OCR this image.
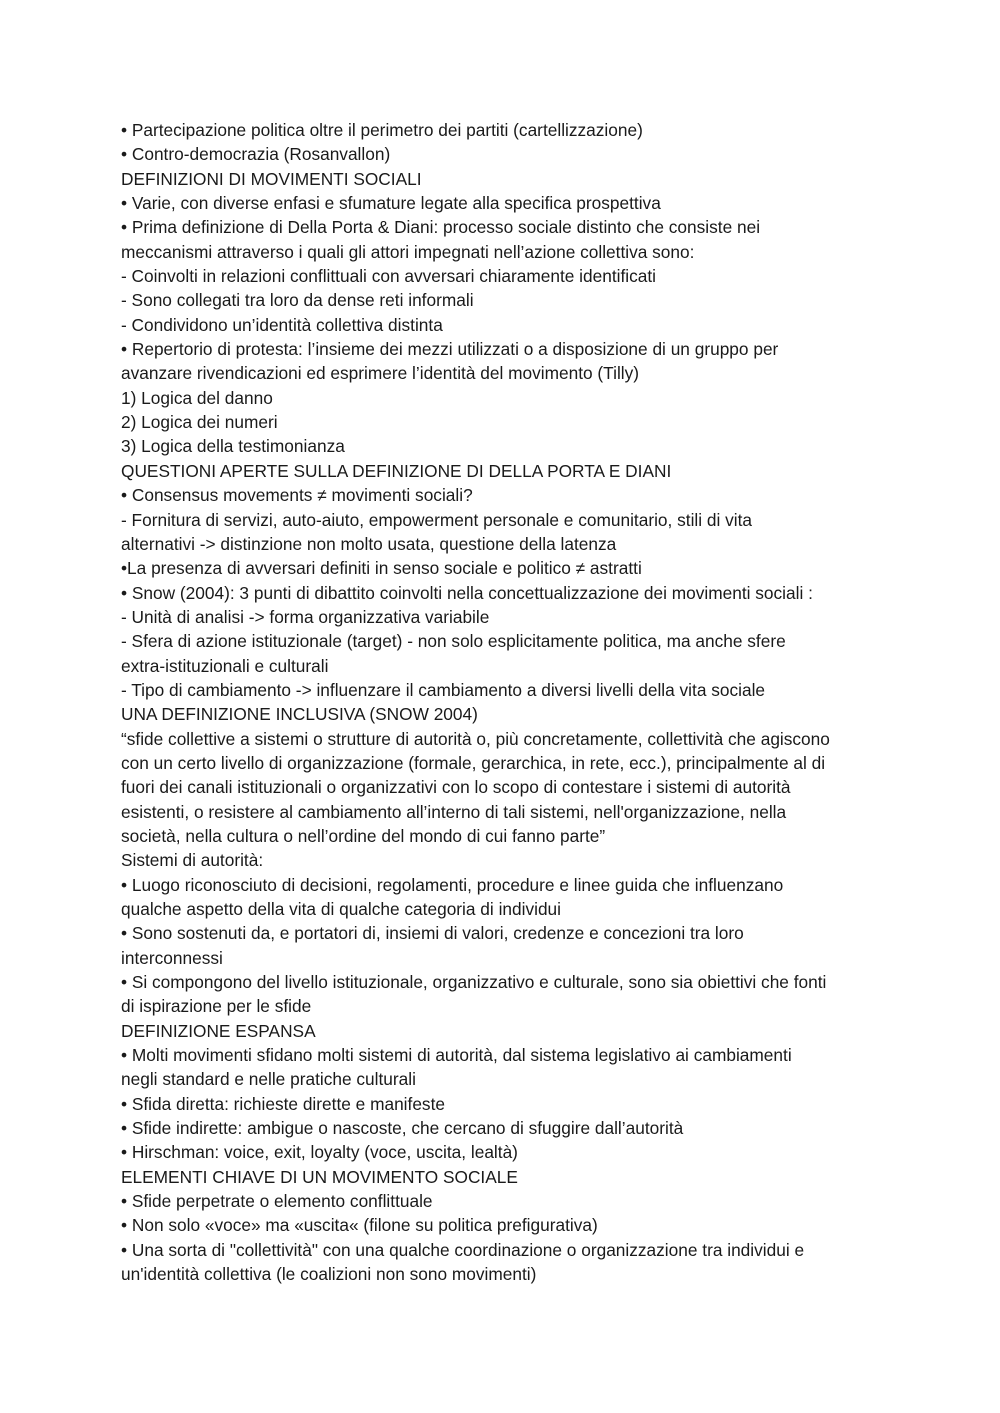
• Partecipazione politica oltre il perimetro dei partiti (cartellizzazione)
• Contro-democrazia (Rosanvallon)
DEFINIZIONI DI MOVIMENTI SOCIALI
• Varie, con diverse enfasi e sfumature legate alla specifica prospettiva
• Prima definizione di Della Porta & Diani: processo sociale distinto che consiste nei
meccanismi attraverso i quali gli attori impegnati nell’azione collettiva sono:
- Coinvolti in relazioni conflittuali con avversari chiaramente identificati
- Sono collegati tra loro da dense reti informali
- Condividono un’identità collettiva distinta
• Repertorio di protesta: l’insieme dei mezzi utilizzati o a disposizione di un gruppo per
avanzare rivendicazioni ed esprimere l’identità del movimento (Tilly)
1) Logica del danno
2) Logica dei numeri
3) Logica della testimonianza
QUESTIONI APERTE SULLA DEFINIZIONE DI DELLA PORTA E DIANI
• Consensus movements ≠ movimenti sociali?
- Fornitura di servizi, auto-aiuto, empowerment personale e comunitario, stili di vita
alternativi -> distinzione non molto usata, questione della latenza
•La presenza di avversari definiti in senso sociale e politico ≠ astratti
• Snow (2004): 3 punti di dibattito coinvolti nella concettualizzazione dei movimenti sociali :
- Unità di analisi -> forma organizzativa variabile
- Sfera di azione istituzionale (target) - non solo esplicitamente politica, ma anche sfere
extra-istituzionali e culturali
- Tipo di cambiamento -> influenzare il cambiamento a diversi livelli della vita sociale
UNA DEFINIZIONE INCLUSIVA (SNOW 2004)
“sfide collettive a sistemi o strutture di autorità o, più concretamente, collettività che agiscono
con un certo livello di organizzazione (formale, gerarchica, in rete, ecc.), principalmente al di
fuori dei canali istituzionali o organizzativi con lo scopo di contestare i sistemi di autorità
esistenti, o resistere al cambiamento all’interno di tali sistemi, nell'organizzazione, nella
società, nella cultura o nell’ordine del mondo di cui fanno parte”
Sistemi di autorità:
• Luogo riconosciuto di decisioni, regolamenti, procedure e linee guida che influenzano
qualche aspetto della vita di qualche categoria di individui
• Sono sostenuti da, e portatori di, insiemi di valori, credenze e concezioni tra loro
interconnessi
• Si compongono del livello istituzionale, organizzativo e culturale, sono sia obiettivi che fonti
di ispirazione per le sfide
DEFINIZIONE ESPANSA
• Molti movimenti sfidano molti sistemi di autorità, dal sistema legislativo ai cambiamenti
negli standard e nelle pratiche culturali
• Sfida diretta: richieste dirette e manifeste
• Sfide indirette: ambigue o nascoste, che cercano di sfuggire dall’autorità
• Hirschman: voice, exit, loyalty (voce, uscita, lealtà)
ELEMENTI CHIAVE DI UN MOVIMENTO SOCIALE
• Sfide perpetrate o elemento conflittuale
• Non solo «voce» ma «uscita« (filone su politica prefigurativa)
• Una sorta di "collettività" con una qualche coordinazione o organizzazione tra individui e
un'identità collettiva (le coalizioni non sono movimenti)
